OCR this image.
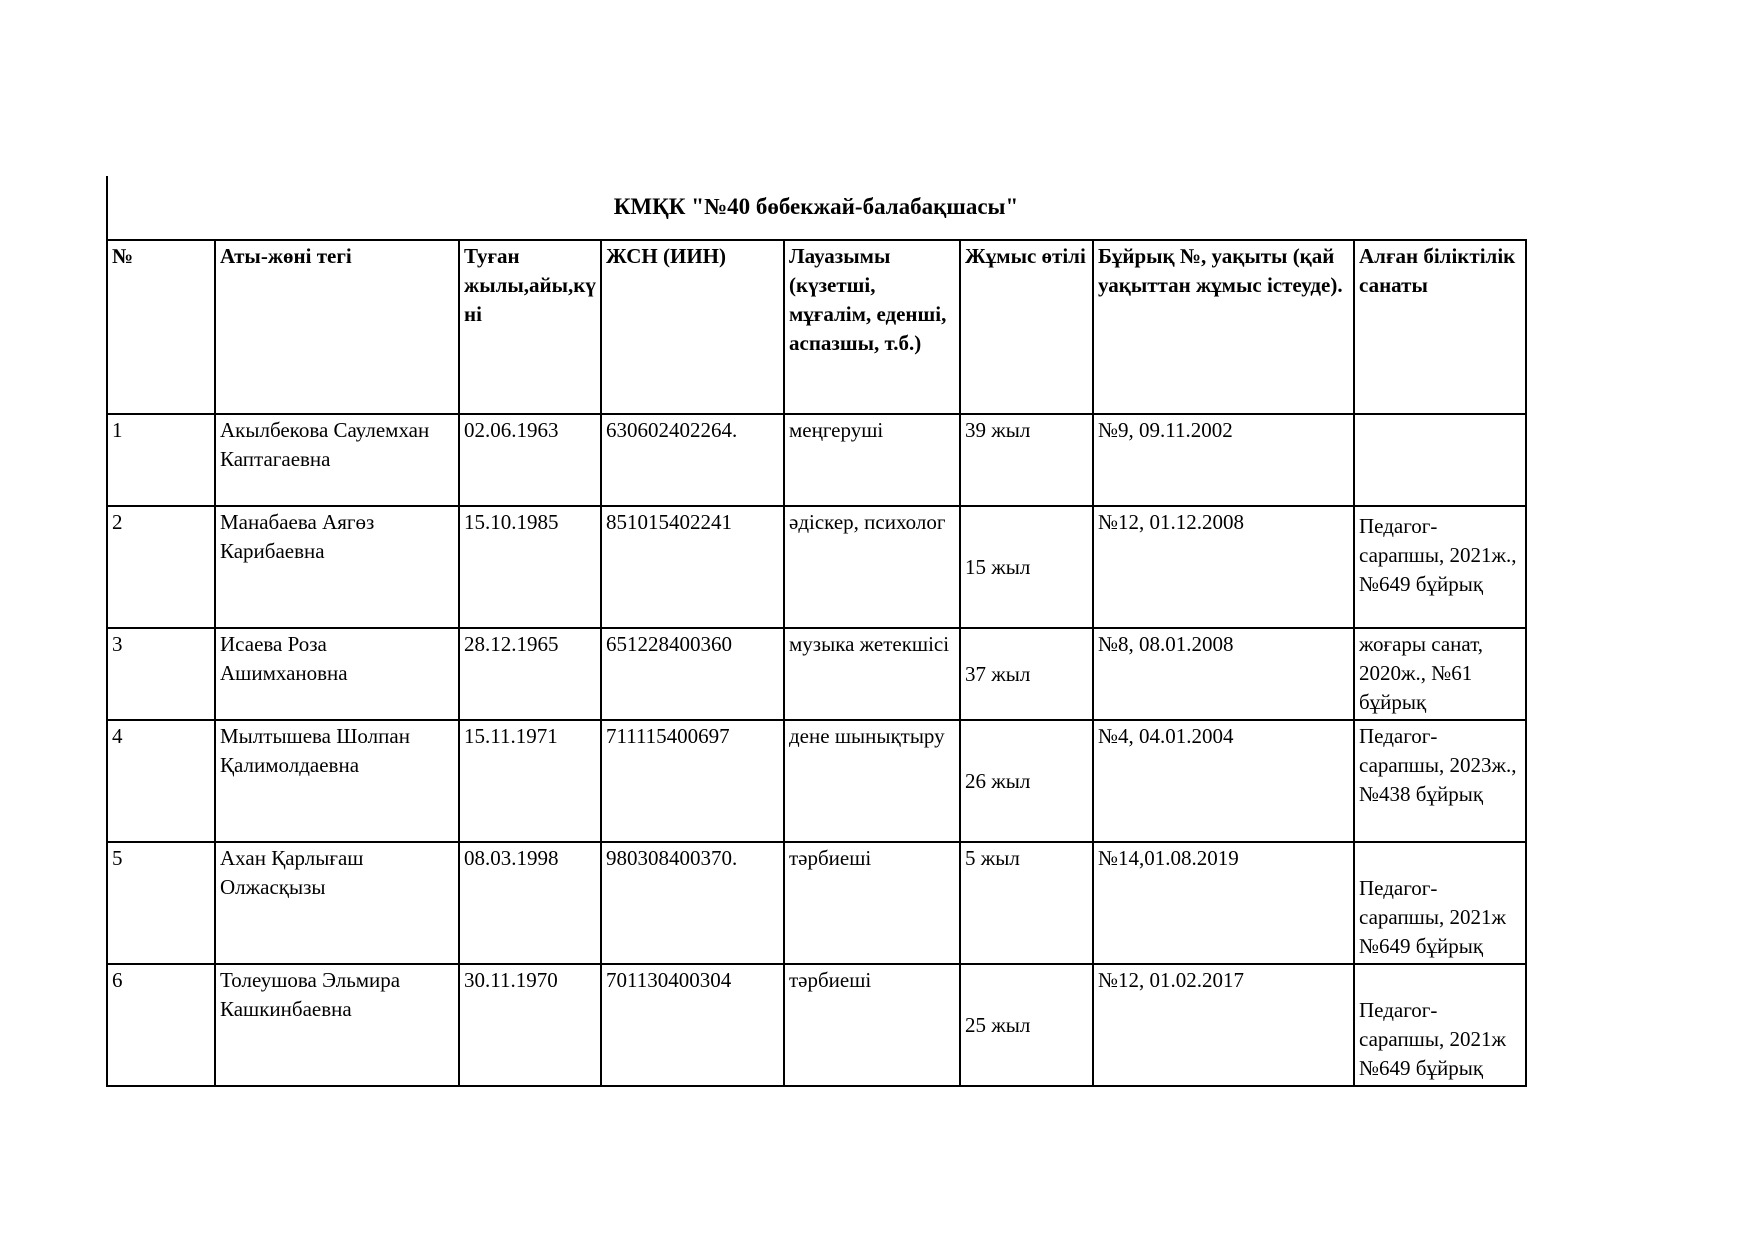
КМҚК "№40 бөбекжай-балабақшасы"
№	Аты-жөні тегі	Туған жылы,айы,күні	ЖСН (ИИН)	Лауазымы (күзетші, мұғалім, еденші, аспазшы, т.б.)	Жұмыс өтілі	Бұйрық №, уақыты (қай уақыттан жұмыс істеуде).	Алған біліктілік санаты
1	Акылбекова Саулемхан Каптагаевна	02.06.1963	630602402264.	меңгеруші	39 жыл	№9, 09.11.2002	
2	Манабаева Аягөз Карибаевна	15.10.1985	851015402241	әдіскер, психолог	15 жыл	№12, 01.12.2008	Педагог-сарапшы, 2021ж., №649 бұйрық

3	Исаева Роза Ашимхановна	28.12.1965	651228400360	музыка жетекшісі	37 жыл	№8, 08.01.2008	жоғары санат, 2020ж., №61 бұйрық
4	Мылтышева Шолпан Қалимолдаевна	15.11.1971	711115400697	дене шынықтыру	26 жыл	№4, 04.01.2004	Педагог-сарапшы, 2023ж., №438 бұйрық
5	Ахан Қарлығаш Олжасқызы	08.03.1998	980308400370.	тәрбиеші	5 жыл	№14,01.08.2019	Педагог-сарапшы, 2021ж №649 бұйрық

6	Толеушова Эльмира Кашкинбаевна	30.11.1970	701130400304	тәрбиеші	25 жыл	№12, 01.02.2017	Педагог-сарапшы, 2021ж №649 бұйрық
